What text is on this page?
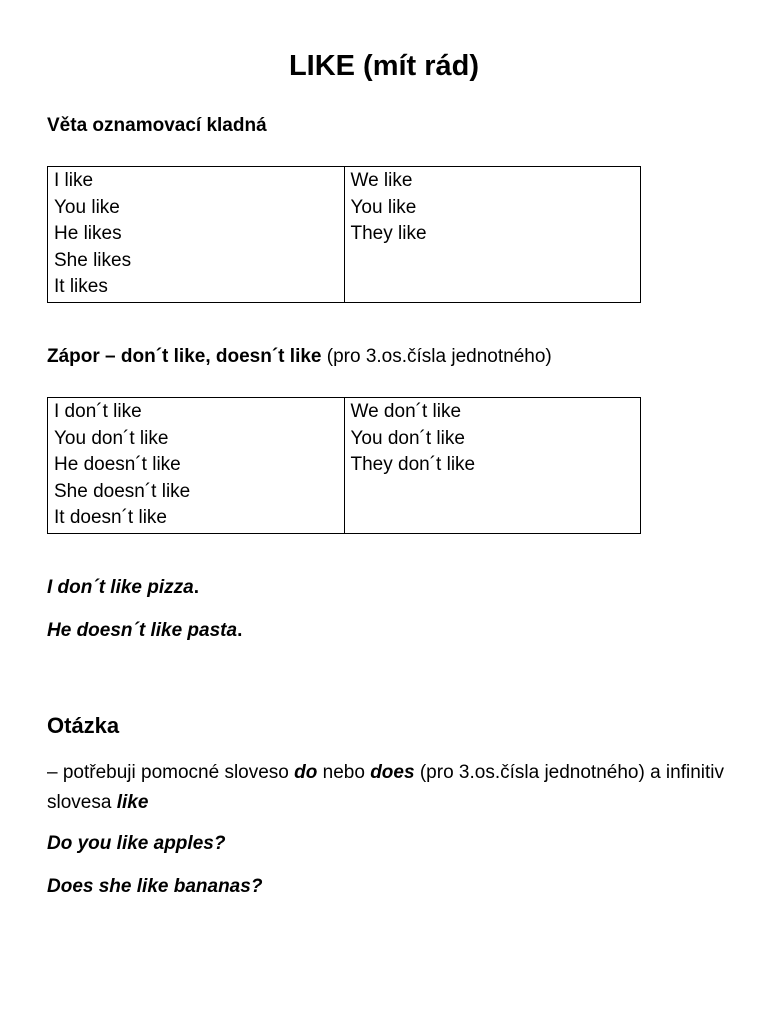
LIKE (mít rád)
Věta oznamovací kladná
I like
You like
He likes
She likes
It likes

We like
You like
They like
Zápor – don´t like, doesn´t like (pro 3.os.čísla jednotného)
I don´t like
You don´t like
He doesn´t like
She doesn´t like
It doesn´t like

We don´t like
You don´t like
They don´t like
I don´t like pizza.
He doesn´t like pasta.
Otázka
– potřebuji pomocné sloveso do nebo does (pro 3.os.čísla jednotného) a infinitiv slovesa like
Do you like apples?
Does she like bananas?
